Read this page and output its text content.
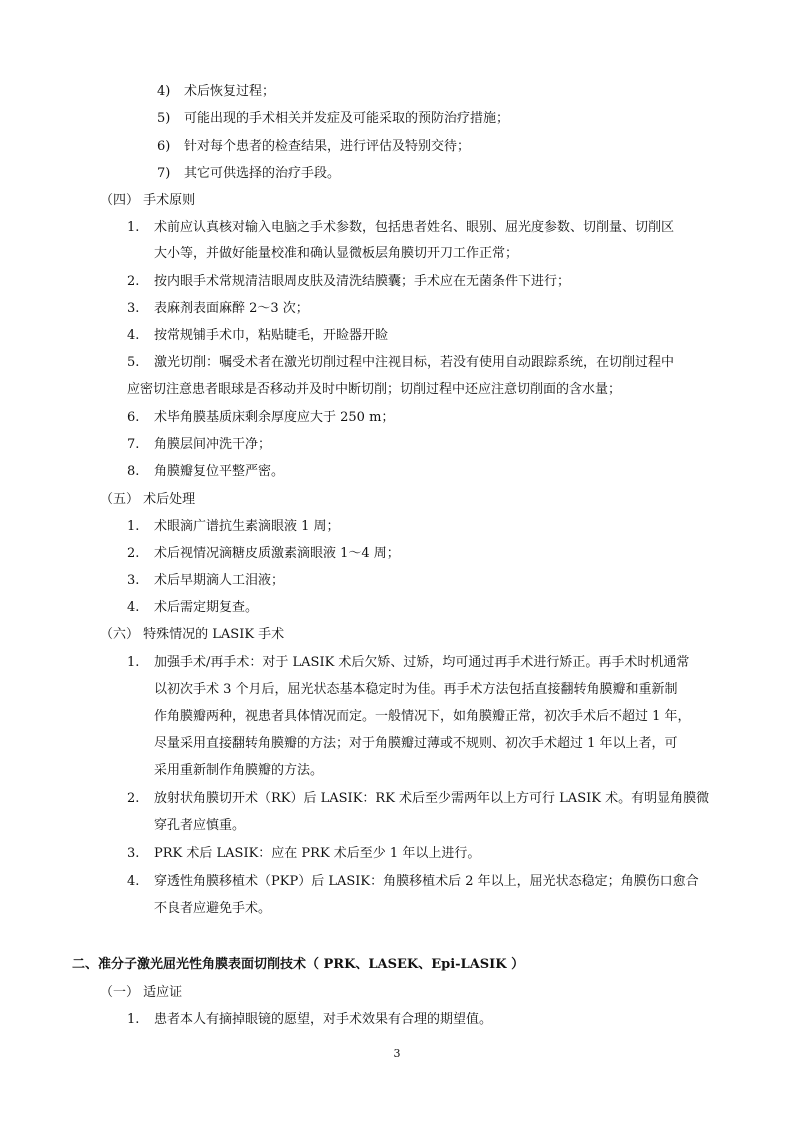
4) 术后恢复过程；
5) 可能出现的手术相关并发症及可能采取的预防治疗措施；
6) 针对每个患者的检查结果，进行评估及特别交待；
7) 其它可供选择的治疗手段。
（四） 手术原则
1. 术前应认真核对输入电脑之手术参数，包括患者姓名、眼别、屈光度参数、切削量、切削区
大小等，并做好能量校准和确认显微板层角膜切开刀工作正常；
2. 按内眼手术常规清洁眼周皮肤及清洗结膜囊；手术应在无菌条件下进行；
3. 表麻剂表面麻醉 2～3 次；
4. 按常规铺手术巾，粘贴睫毛，开睑器开睑
5. 激光切削：嘱受术者在激光切削过程中注视目标，若没有使用自动跟踪系统，在切削过程中
应密切注意患者眼球是否移动并及时中断切削；切削过程中还应注意切削面的含水量；
6. 术毕角膜基质床剩余厚度应大于 250 m；
7. 角膜层间冲洗干净；
8. 角膜瓣复位平整严密。
（五） 术后处理
1. 术眼滴广谱抗生素滴眼液 1 周；
2. 术后视情况滴糖皮质激素滴眼液 1～4 周；
3. 术后早期滴人工泪液；
4. 术后需定期复查。
（六） 特殊情况的 LASIK 手术
1. 加强手术/再手术：对于 LASIK 术后欠矫、过矫，均可通过再手术进行矫正。再手术时机通常
以初次手术 3 个月后，屈光状态基本稳定时为佳。再手术方法包括直接翻转角膜瓣和重新制
作角膜瓣两种，视患者具体情况而定。一般情况下，如角膜瓣正常，初次手术后不超过 1 年，
尽量采用直接翻转角膜瓣的方法；对于角膜瓣过薄或不规则、初次手术超过 1 年以上者，可
采用重新制作角膜瓣的方法。
2. 放射状角膜切开术（RK）后 LASIK：RK 术后至少需两年以上方可行 LASIK 术。有明显角膜微
穿孔者应慎重。
3. PRK 术后 LASIK：应在 PRK 术后至少 1 年以上进行。
4. 穿透性角膜移植术（PKP）后 LASIK：角膜移植术后 2 年以上，屈光状态稳定；角膜伤口愈合
不良者应避免手术。
二、准分子激光屈光性角膜表面切削技术（ PRK、LASEK、Epi-LASIK ）
（一） 适应证
1. 患者本人有摘掉眼镜的愿望，对手术效果有合理的期望值。
3
